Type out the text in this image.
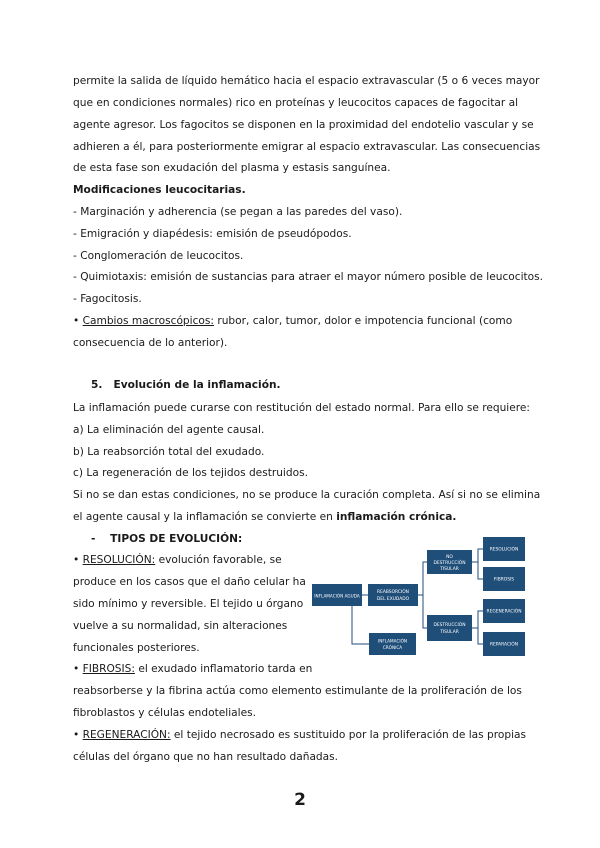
permite la salida de líquido hemático hacia el espacio extravascular (5 o 6 veces mayor
que en condiciones normales) rico en proteínas y leucocitos capaces de fagocitar al
agente agresor. Los fagocitos se disponen en la proximidad del endotelio vascular y se
adhieren a él, para posteriormente emigrar al espacio extravascular. Las consecuencias
de esta fase son exudación del plasma y estasis sanguínea.
Modificaciones leucocitarias.
- Marginación y adherencia (se pegan a las paredes del vaso).
- Emigración y diapédesis: emisión de pseudópodos.
- Conglomeración de leucocitos.
- Quimiotaxis: emisión de sustancias para atraer el mayor número posible de leucocitos.
- Fagocitosis.
• Cambios macroscópicos: rubor, calor, tumor, dolor e impotencia funcional (como
consecuencia de lo anterior).
5. Evolución de la inflamación.
La inflamación puede curarse con restitución del estado normal. Para ello se requiere:
a) La eliminación del agente causal.
b) La reabsorción total del exudado.
c) La regeneración de los tejidos destruidos.
Si no se dan estas condiciones, no se produce la curación completa. Así si no se elimina
el agente causal y la inflamación se convierte en inflamación crónica.
- TIPOS DE EVOLUCIÓN:
• RESOLUCIÓN: evolución favorable, se
produce en los casos que el daño celular ha
sido mínimo y reversible. El tejido u órgano
vuelve a su normalidad, sin alteraciones
funcionales posteriores.
• FIBROSIS: el exudado inflamatorio tarda en
reabsorberse y la fibrina actúa como elemento estimulante de la proliferación de los
fibroblastos y células endoteliales.
• REGENERACIÓN: el tejido necrosado es sustituido por la proliferación de las propias
células del órgano que no han resultado dañadas.
INFLAMACIÓN AGUDA
REABSORCIÓN
DEL EXUDADO
NO
DESTRUCCIÓN
TISULAR
DESTRUCCIÓN
TISULAR
RESOLUCIÓN
FIBROSIS
REGENERACIÓN
REPARACIÓN
INFLAMACIÓN
CRÓNICA
2
